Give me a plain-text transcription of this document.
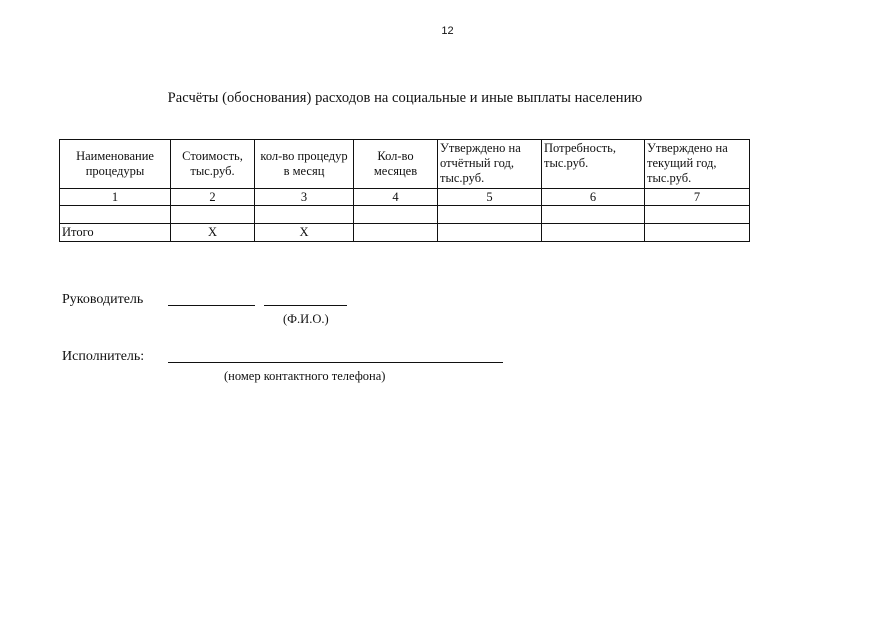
12
Расчёты (обоснования) расходов на социальные и иные выплаты населению
Наименование процедуры	Стоимость, тыс.руб.	кол-во процедур в месяц	Кол-во месяцев	Утверждено на отчётный год, тыс.руб.	Потребность, тыс.руб.	Утверждено на текущий год, тыс.руб.
1	2	3	4	5	6	7

Итого	Х	Х				
Руководитель
(Ф.И.О.)
Исполнитель:
(номер контактного телефона)
